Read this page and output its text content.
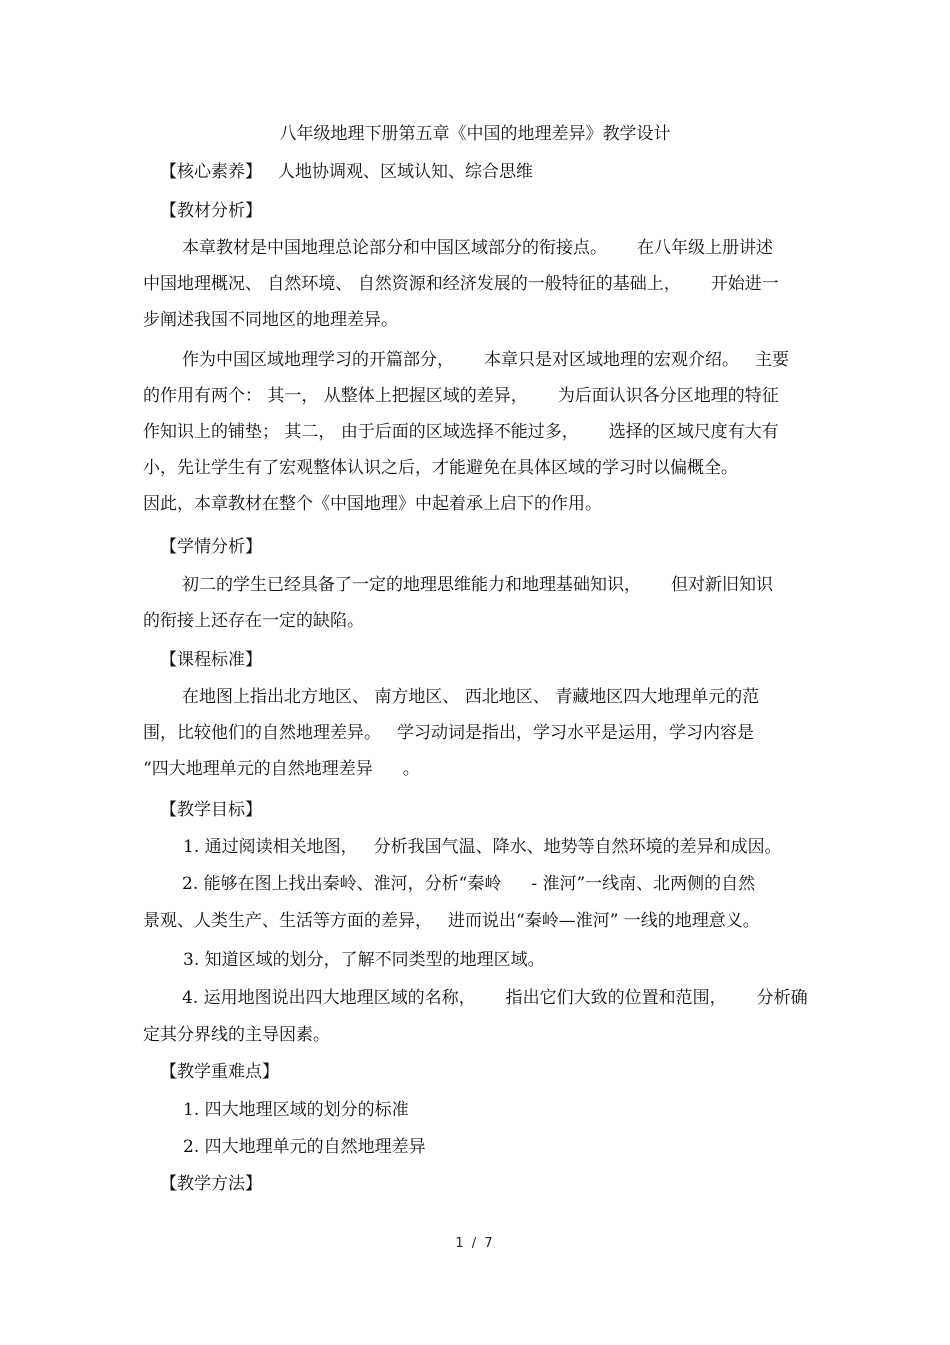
八年级地理下册第五章《中国的地理差异》教学设计
【核心素养】 人地协调观、区域认知、综合思维
【教材分析】
本章教材是中国地理总论部分和中国区域部分的衔接点。 在八年级上册讲述
中国地理概况、 自然环境、 自然资源和经济发展的一般特征的基础上， 开始进一
步阐述我国不同地区的地理差异。
作为中国区域地理学习的开篇部分， 本章只是对区域地理的宏观介绍。 主要
的作用有两个： 其一， 从整体上把握区域的差异， 为后面认识各分区地理的特征
作知识上的铺垫； 其二， 由于后面的区域选择不能过多， 选择的区域尺度有大有
小，先让学生有了宏观整体认识之后，才能避免在具体区域的学习时以偏概全。
因此，本章教材在整个《中国地理》中起着承上启下的作用。
【学情分析】
初二的学生已经具备了一定的地理思维能力和地理基础知识， 但对新旧知识
的衔接上还存在一定的缺陷。
【课程标准】
在地图上指出北方地区、 南方地区、 西北地区、 青藏地区四大地理单元的范
围，比较他们的自然地理差异。 学习动词是指出，学习水平是运用，学习内容是
“四大地理单元的自然地理差异 。
【教学目标】
1. 通过阅读相关地图， 分析我国气温、降水、地势等自然环境的差异和成因。
2. 能够在图上找出秦岭、淮河，分析“秦岭 - 淮河”一线南、北两侧的自然
景观、人类生产、生活等方面的差异， 进而说出“秦岭—淮河” 一线的地理意义。
3. 知道区域的划分，了解不同类型的地理区域。
4. 运用地图说出四大地理区域的名称， 指出它们大致的位置和范围， 分析确
定其分界线的主导因素。
【教学重难点】
1. 四大地理区域的划分的标准
2. 四大地理单元的自然地理差异
【教学方法】
1 / 7
